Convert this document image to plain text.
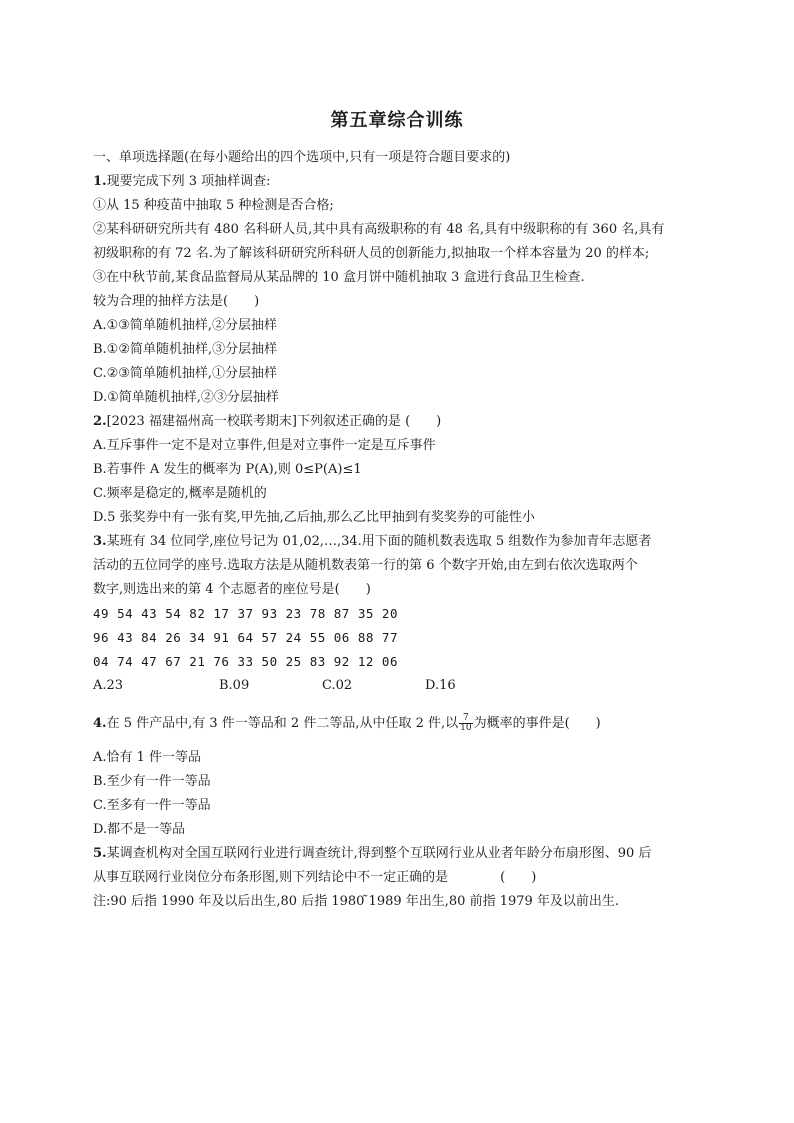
第五章综合训练
一、单项选择题(在每小题给出的四个选项中,只有一项是符合题目要求的)
1.现要完成下列 3 项抽样调查:
①从 15 种疫苗中抽取 5 种检测是否合格;
②某科研研究所共有 480 名科研人员,其中具有高级职称的有 48 名,具有中级职称的有 360 名,具有
初级职称的有 72 名.为了解该科研研究所科研人员的创新能力,拟抽取一个样本容量为 20 的样本;
③在中秋节前,某食品监督局从某品牌的 10 盒月饼中随机抽取 3 盒进行食品卫生检查.
较为合理的抽样方法是(　　)
A.①③简单随机抽样,②分层抽样
B.①②简单随机抽样,③分层抽样
C.②③简单随机抽样,①分层抽样
D.①简单随机抽样,②③分层抽样
2.[2023 福建福州高一校联考期末]下列叙述正确的是 (　　)
A.互斥事件一定不是对立事件,但是对立事件一定是互斥事件
B.若事件 A 发生的概率为 P(A),则 0≤P(A)≤1
C.频率是稳定的,概率是随机的
D.5 张奖券中有一张有奖,甲先抽,乙后抽,那么乙比甲抽到有奖奖券的可能性小
3.某班有 34 位同学,座位号记为 01,02,…,34.用下面的随机数表选取 5 组数作为参加青年志愿者
活动的五位同学的座号.选取方法是从随机数表第一行的第 6 个数字开始,由左到右依次选取两个
数字,则选出来的第 4 个志愿者的座位号是(　　)
49 54 43 54 82 17 37 93 23 78 87 35 20
96 43 84 26 34 91 64 57 24 55 06 88 77
04 74 47 67 21 76 33 50 25 83 92 12 06
A.23	B.09	C.02	D.16
4.在 5 件产品中,有 3 件一等品和 2 件二等品,从中任取 2 件,以 $\frac{7}{10}$ 为概率的事件是(　　)
A.恰有 1 件一等品
B.至少有一件一等品
C.至多有一件一等品
D.都不是一等品
5.某调查机构对全国互联网行业进行调查统计,得到整个互联网行业从业者年龄分布扇形图、90 后
从事互联网行业岗位分布条形图,则下列结论中不一定正确的是　　　　(　　)
注:90 后指 1990 年及以后出生,80 后指 1980 ̃1989 年出生,80 前指 1979 年及以前出生.
